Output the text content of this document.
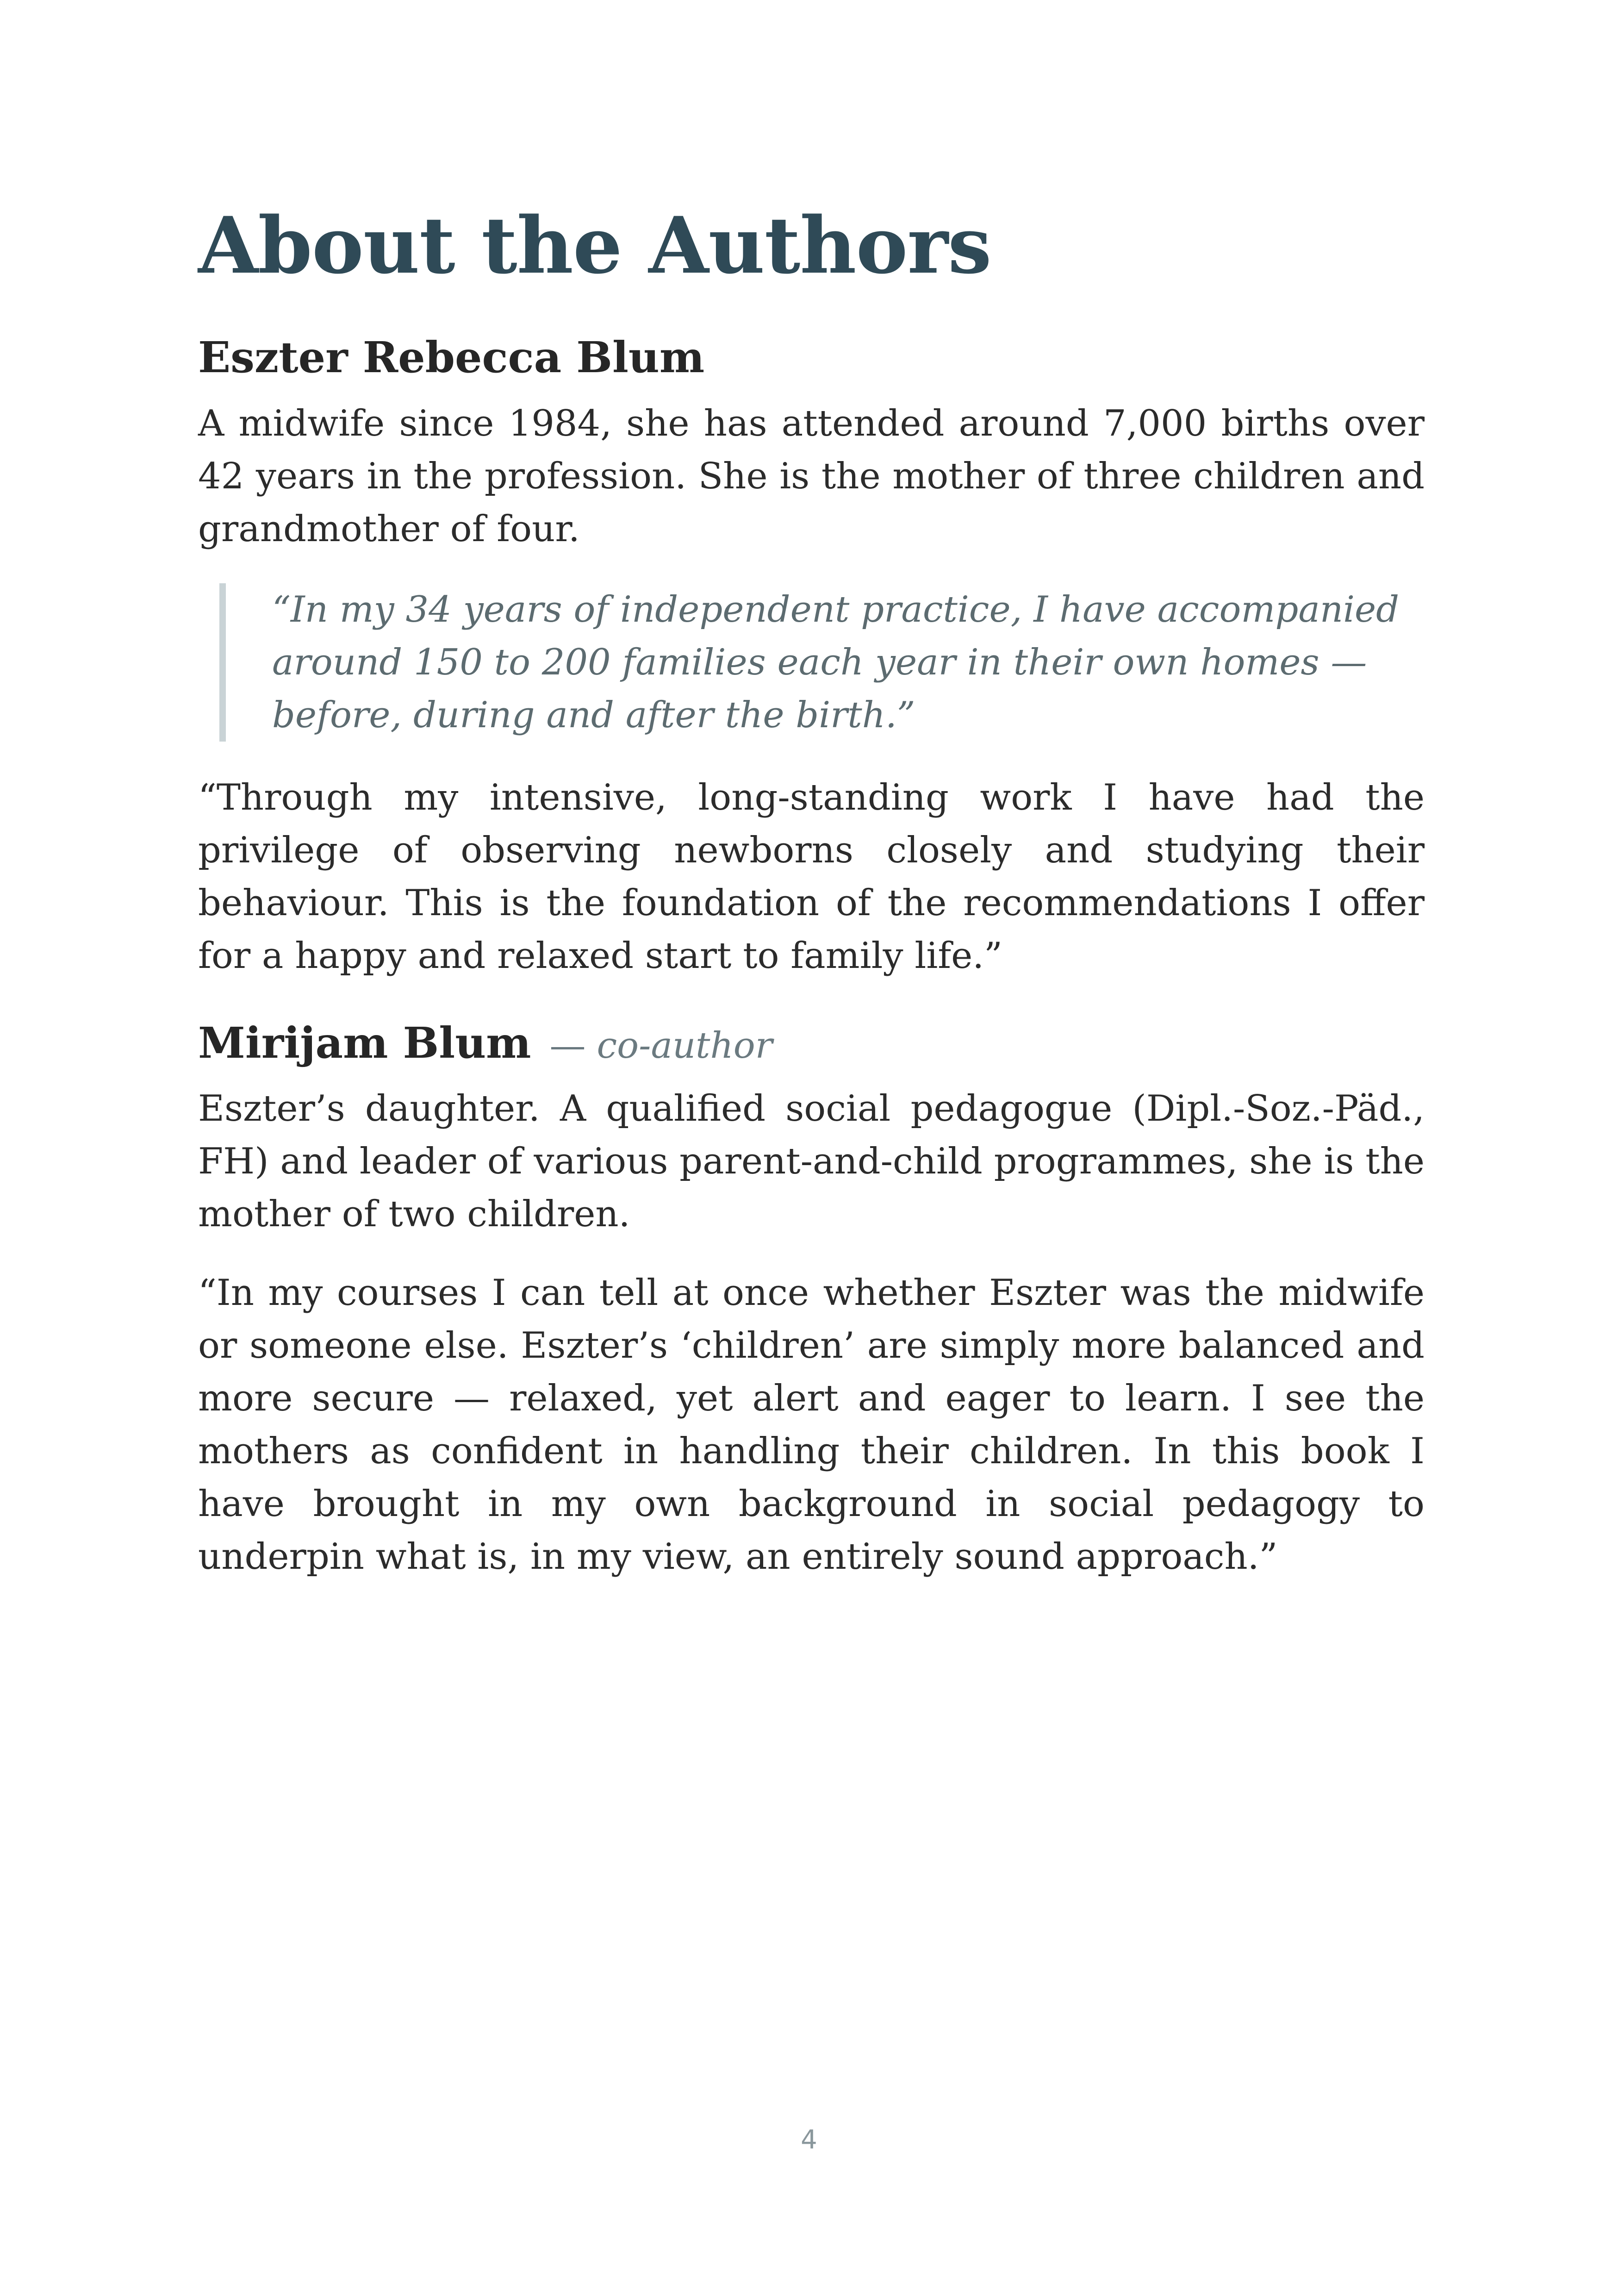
About the Authors
Eszter Rebecca Blum

A midwife since 1984, she has attended around 7,000 births over 42 years in the profession. She is the mother of three children and grandmother of four.

“In my 34 years of independent practice, I have accompanied around 150 to 200 families each year in their own homes — before, during and after the birth.”

“Through my intensive, long-standing work I have had the privilege of observing newborns closely and studying their behaviour. This is the foundation of the recommendations I offer for a happy and relaxed start to family life.”

Mirijam Blum — co-author

Eszter’s daughter. A qualified social pedagogue (Dipl.-Soz.-Päd., FH) and leader of various parent-and-child programmes, she is the mother of two children.

“In my courses I can tell at once whether Eszter was the midwife or someone else. Eszter’s ‘children’ are simply more balanced and more secure — relaxed, yet alert and eager to learn. I see the mothers as confident in handling their children. In this book I have brought in my own background in social pedagogy to underpin what is, in my view, an entirely sound approach.”

4
